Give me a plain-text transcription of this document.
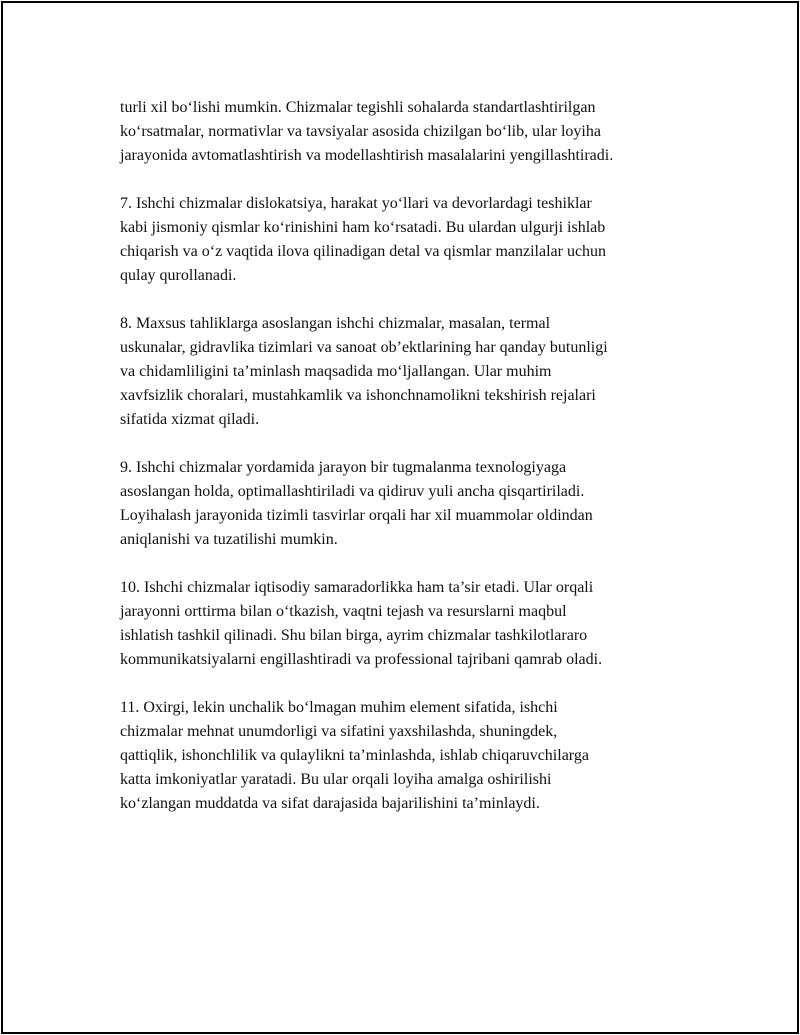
turli xil bo‘lishi mumkin. Chizmalar tegishli sohalarda standartlashtirilgan
ko‘rsatmalar, normativlar va tavsiyalar asosida chizilgan bo‘lib, ular loyiha
jarayonida avtomatlashtirish va modellashtirish masalalarini yengillashtiradi.

7. Ishchi chizmalar dislokatsiya, harakat yo‘llari va devorlardagi teshiklar
kabi jismoniy qismlar ko‘rinishini ham ko‘rsatadi. Bu ulardan ulgurji ishlab
chiqarish va o‘z vaqtida ilova qilinadigan detal va qismlar manzilalar uchun
qulay qurollanadi.

8. Maxsus tahliklarga asoslangan ishchi chizmalar, masalan, termal
uskunalar, gidravlika tizimlari va sanoat ob’ektlarining har qanday butunligi
va chidamliligini ta’minlash maqsadida mo‘ljallangan. Ular muhim
xavfsizlik choralari, mustahkamlik va ishonchnamolikni tekshirish rejalari
sifatida xizmat qiladi.

9. Ishchi chizmalar yordamida jarayon bir tugmalanma texnologiyaga
asoslangan holda, optimallashtiriladi va qidiruv yuli ancha qisqartiriladi.
Loyihalash jarayonida tizimli tasvirlar orqali har xil muammolar oldindan
aniqlanishi va tuzatilishi mumkin.

10. Ishchi chizmalar iqtisodiy samaradorlikka ham ta’sir etadi. Ular orqali
jarayonni orttirma bilan o‘tkazish, vaqtni tejash va resurslarni maqbul
ishlatish tashkil qilinadi. Shu bilan birga, ayrim chizmalar tashkilotlararo
kommunikatsiyalarni engillashtiradi va professional tajribani qamrab oladi.

11. Oxirgi, lekin unchalik bo‘lmagan muhim element sifatida, ishchi
chizmalar mehnat unumdorligi va sifatini yaxshilashda, shuningdek,
qattiqlik, ishonchlilik va qulaylikni ta’minlashda, ishlab chiqaruvchilarga
katta imkoniyatlar yaratadi. Bu ular orqali loyiha amalga oshirilishi
ko‘zlangan muddatda va sifat darajasida bajarilishini ta’minlaydi.
